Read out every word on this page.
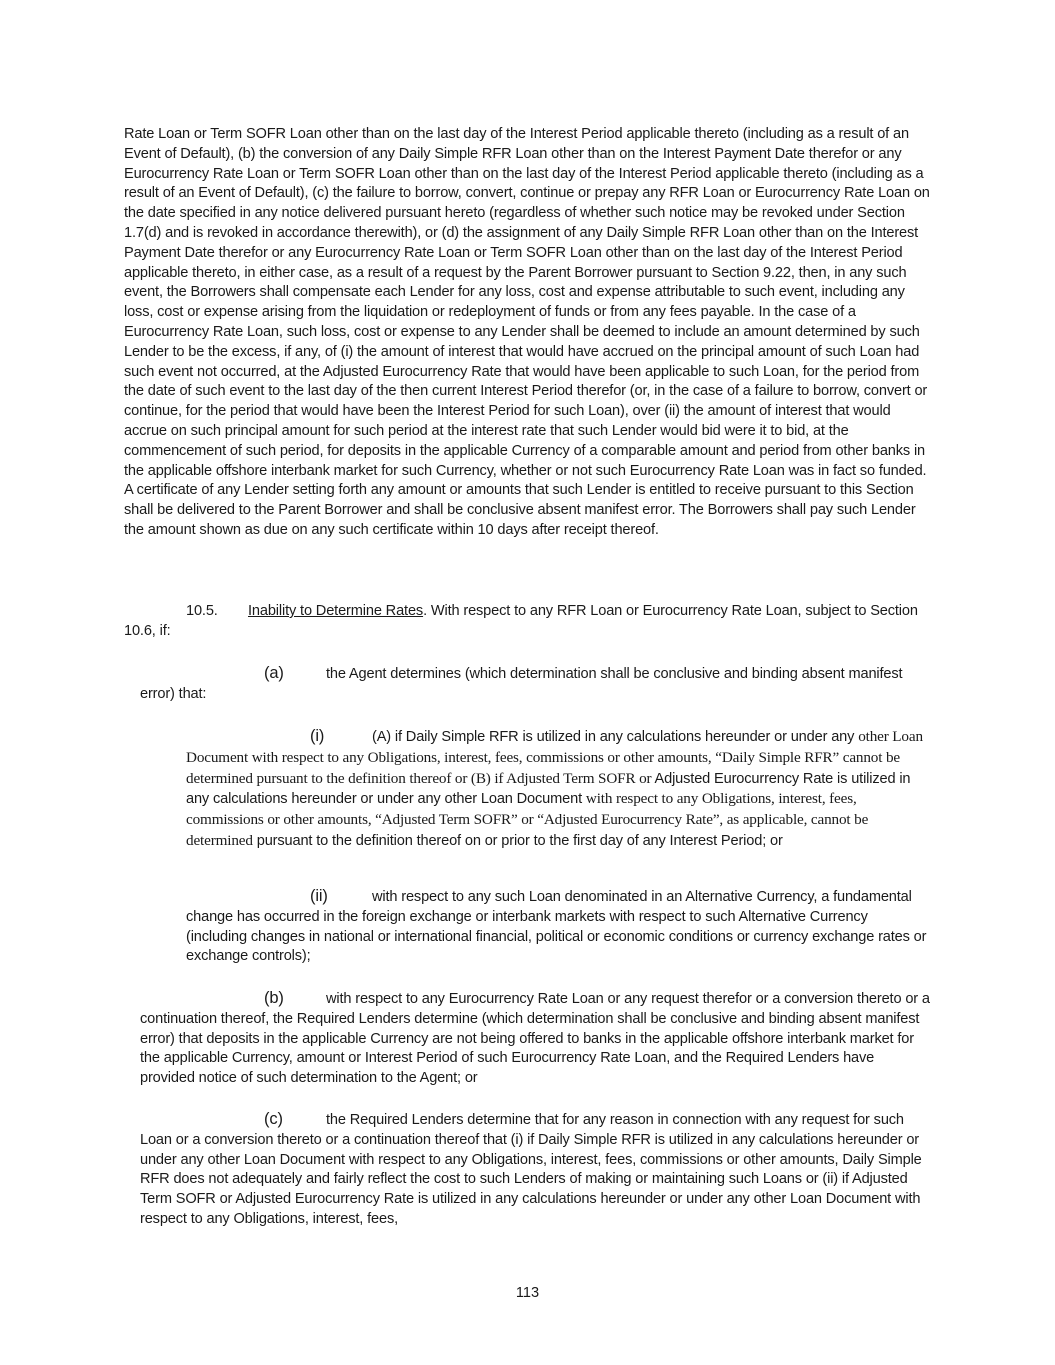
Rate Loan or Term SOFR Loan other than on the last day of the Interest Period applicable thereto (including as a result of an Event of Default), (b) the conversion of any Daily Simple RFR Loan other than on the Interest Payment Date therefor or any Eurocurrency Rate Loan or Term SOFR Loan other than on the last day of the Interest Period applicable thereto (including as a result of an Event of Default), (c) the failure to borrow, convert, continue or prepay any RFR Loan or Eurocurrency Rate Loan on the date specified in any notice delivered pursuant hereto (regardless of whether such notice may be revoked under Section 1.7(d) and is revoked in accordance therewith), or (d) the assignment of any Daily Simple RFR Loan other than on the Interest Payment Date therefor or any Eurocurrency Rate Loan or Term SOFR Loan other than on the last day of the Interest Period applicable thereto, in either case, as a result of a request by the Parent Borrower pursuant to Section 9.22, then, in any such event, the Borrowers shall compensate each Lender for any loss, cost and expense attributable to such event, including any loss, cost or expense arising from the liquidation or redeployment of funds or from any fees payable. In the case of a Eurocurrency Rate Loan, such loss, cost or expense to any Lender shall be deemed to include an amount determined by such Lender to be the excess, if any, of (i) the amount of interest that would have accrued on the principal amount of such Loan had such event not occurred, at the Adjusted Eurocurrency Rate that would have been applicable to such Loan, for the period from the date of such event to the last day of the then current Interest Period therefor (or, in the case of a failure to borrow, convert or continue, for the period that would have been the Interest Period for such Loan), over (ii) the amount of interest that would accrue on such principal amount for such period at the interest rate that such Lender would bid were it to bid, at the commencement of such period, for deposits in the applicable Currency of a comparable amount and period from other banks in the applicable offshore interbank market for such Currency, whether or not such Eurocurrency Rate Loan was in fact so funded. A certificate of any Lender setting forth any amount or amounts that such Lender is entitled to receive pursuant to this Section shall be delivered to the Parent Borrower and shall be conclusive absent manifest error. The Borrowers shall pay such Lender the amount shown as due on any such certificate within 10 days after receipt thereof.

10.5. Inability to Determine Rates. With respect to any RFR Loan or Eurocurrency Rate Loan, subject to Section 10.6, if:

(a)	the Agent determines (which determination shall be conclusive and binding absent manifest error) that:

(i)	(A) if Daily Simple RFR is utilized in any calculations hereunder or under any other Loan Document with respect to any Obligations, interest, fees, commissions or other amounts, “Daily Simple RFR” cannot be determined pursuant to the definition thereof or (B) if Adjusted Term SOFR or Adjusted Eurocurrency Rate is utilized in any calculations hereunder or under any other Loan Document with respect to any Obligations, interest, fees, commissions or other amounts, “Adjusted Term SOFR” or “Adjusted Eurocurrency Rate”, as applicable, cannot be determined pursuant to the definition thereof on or prior to the first day of any Interest Period; or

(ii)	with respect to any such Loan denominated in an Alternative Currency, a fundamental change has occurred in the foreign exchange or interbank markets with respect to such Alternative Currency (including changes in national or international financial, political or economic conditions or currency exchange rates or exchange controls);

(b)	with respect to any Eurocurrency Rate Loan or any request therefor or a conversion thereto or a continuation thereof, the Required Lenders determine (which determination shall be conclusive and binding absent manifest error) that deposits in the applicable Currency are not being offered to banks in the applicable offshore interbank market for the applicable Currency, amount or Interest Period of such Eurocurrency Rate Loan, and the Required Lenders have provided notice of such determination to the Agent; or

(c)	the Required Lenders determine that for any reason in connection with any request for such Loan or a conversion thereto or a continuation thereof that (i) if Daily Simple RFR is utilized in any calculations hereunder or under any other Loan Document with respect to any Obligations, interest, fees, commissions or other amounts, Daily Simple RFR does not adequately and fairly reflect the cost to such Lenders of making or maintaining such Loans or (ii) if Adjusted Term SOFR or Adjusted Eurocurrency Rate is utilized in any calculations hereunder or under any other Loan Document with respect to any Obligations, interest, fees,

113
